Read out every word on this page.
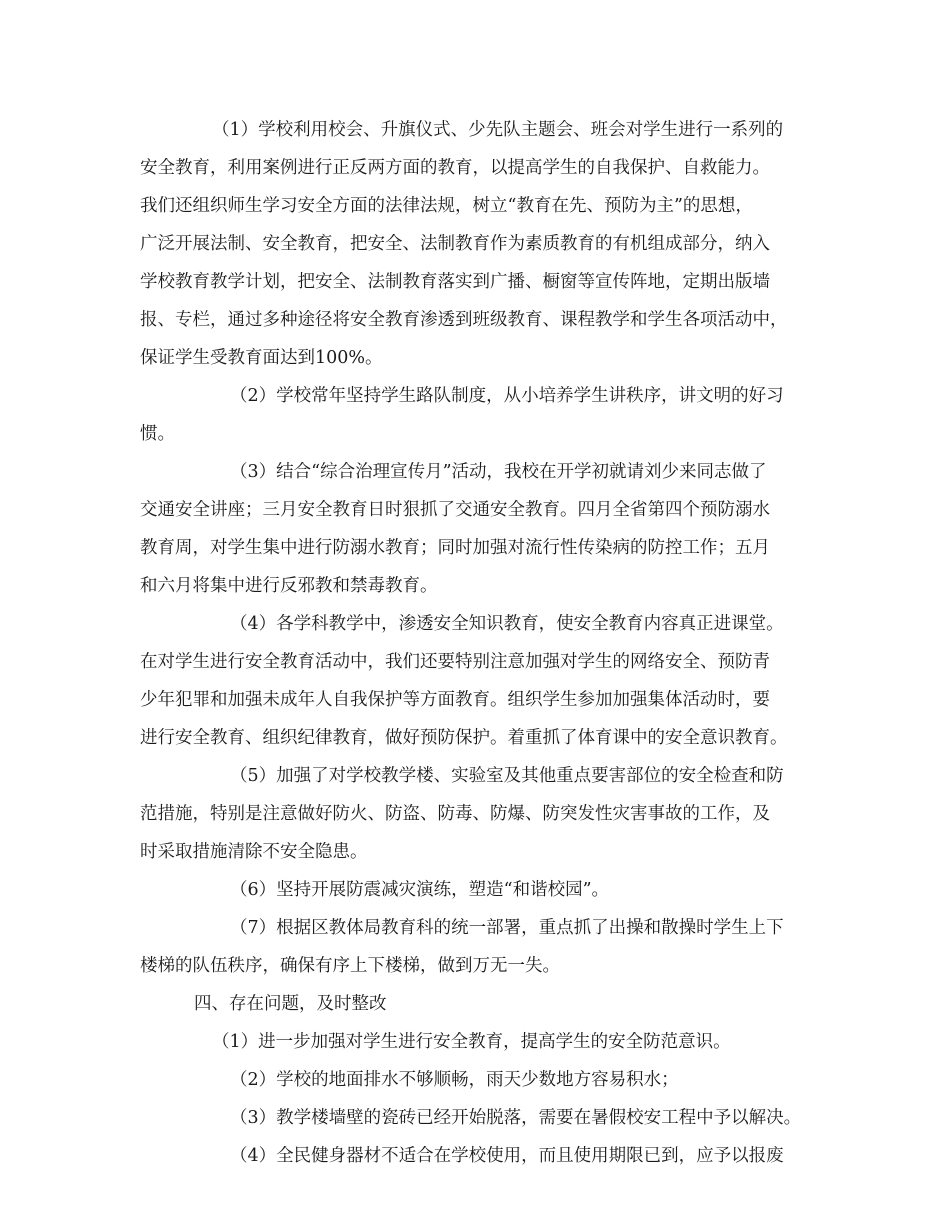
（1）学校利用校会、升旗仪式、少先队主题会、班会对学生进行一系列的

安全教育，利用案例进行正反两方面的教育，以提高学生的自我保护、自救能力。

我们还组织师生学习安全方面的法律法规，树立“教育在先、预防为主”的思想，

广泛开展法制、安全教育，把安全、法制教育作为素质教育的有机组成部分，纳入

学校教育教学计划，把安全、法制教育落实到广播、橱窗等宣传阵地，定期出版墙

报、专栏，通过多种途径将安全教育渗透到班级教育、课程教学和学生各项活动中，

保证学生受教育面达到100%。

（2）学校常年坚持学生路队制度，从小培养学生讲秩序，讲文明的好习

惯。

（3）结合“综合治理宣传月”活动，我校在开学初就请刘少来同志做了

交通安全讲座；三月安全教育日时狠抓了交通安全教育。四月全省第四个预防溺水

教育周，对学生集中进行防溺水教育；同时加强对流行性传染病的防控工作；五月

和六月将集中进行反邪教和禁毒教育。

（4）各学科教学中，渗透安全知识教育，使安全教育内容真正进课堂。

在对学生进行安全教育活动中，我们还要特别注意加强对学生的网络安全、预防青

少年犯罪和加强未成年人自我保护等方面教育。组织学生参加加强集体活动时，要

进行安全教育、组织纪律教育，做好预防保护。着重抓了体育课中的安全意识教育。

（5）加强了对学校教学楼、实验室及其他重点要害部位的安全检查和防

范措施，特别是注意做好防火、防盗、防毒、防爆、防突发性灾害事故的工作，及

时采取措施清除不安全隐患。

（6）坚持开展防震减灾演练，塑造“和谐校园”。

（7）根据区教体局教育科的统一部署，重点抓了出操和散操时学生上下

楼梯的队伍秩序，确保有序上下楼梯，做到万无一失。

四、存在问题，及时整改

（1）进一步加强对学生进行安全教育，提高学生的安全防范意识。

（2）学校的地面排水不够顺畅，雨天少数地方容易积水；

（3）教学楼墙壁的瓷砖已经开始脱落，需要在暑假校安工程中予以解决。

（4）全民健身器材不适合在学校使用，而且使用期限已到，应予以报废
